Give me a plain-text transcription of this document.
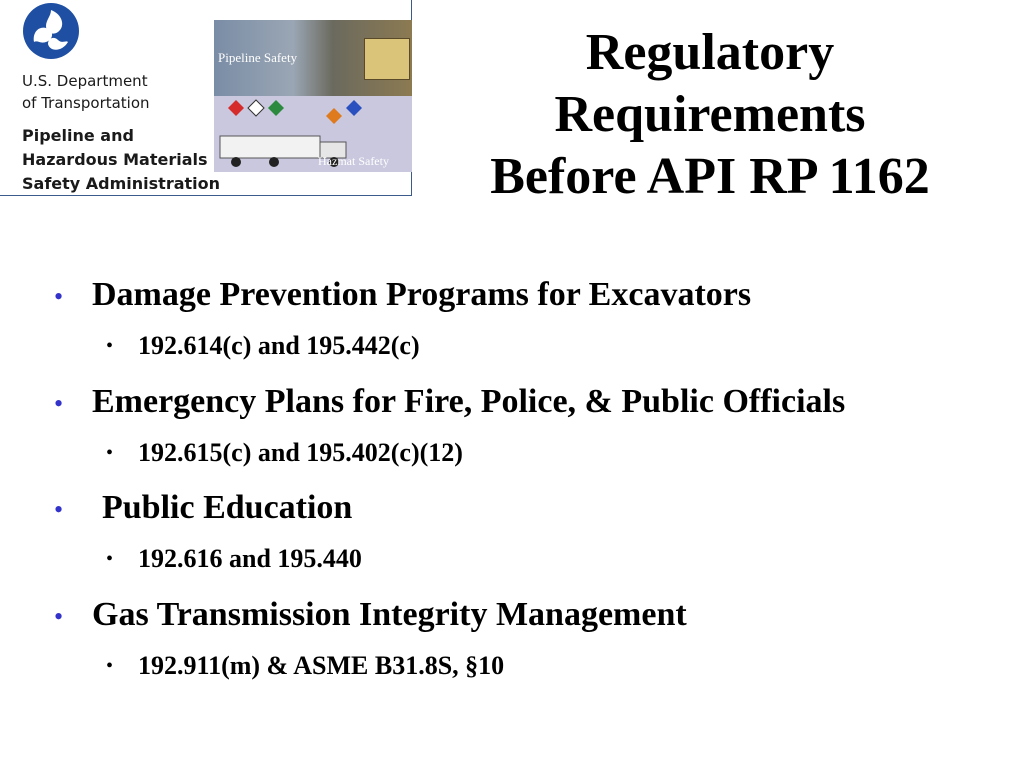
U.S. Department
of Transportation
Pipeline and
Hazardous Materials
Safety Administration
Pipeline Safety
Hazmat Safety
Regulatory
Requirements
Before API RP 1162
• Damage Prevention Programs for Excavators
• 192.614(c) and 195.442(c)
• Emergency Plans for Fire, Police, & Public Officials
• 192.615(c) and 195.402(c)(12)
• Public Education
• 192.616 and 195.440
• Gas Transmission Integrity Management
• 192.911(m) & ASME B31.8S, §10
